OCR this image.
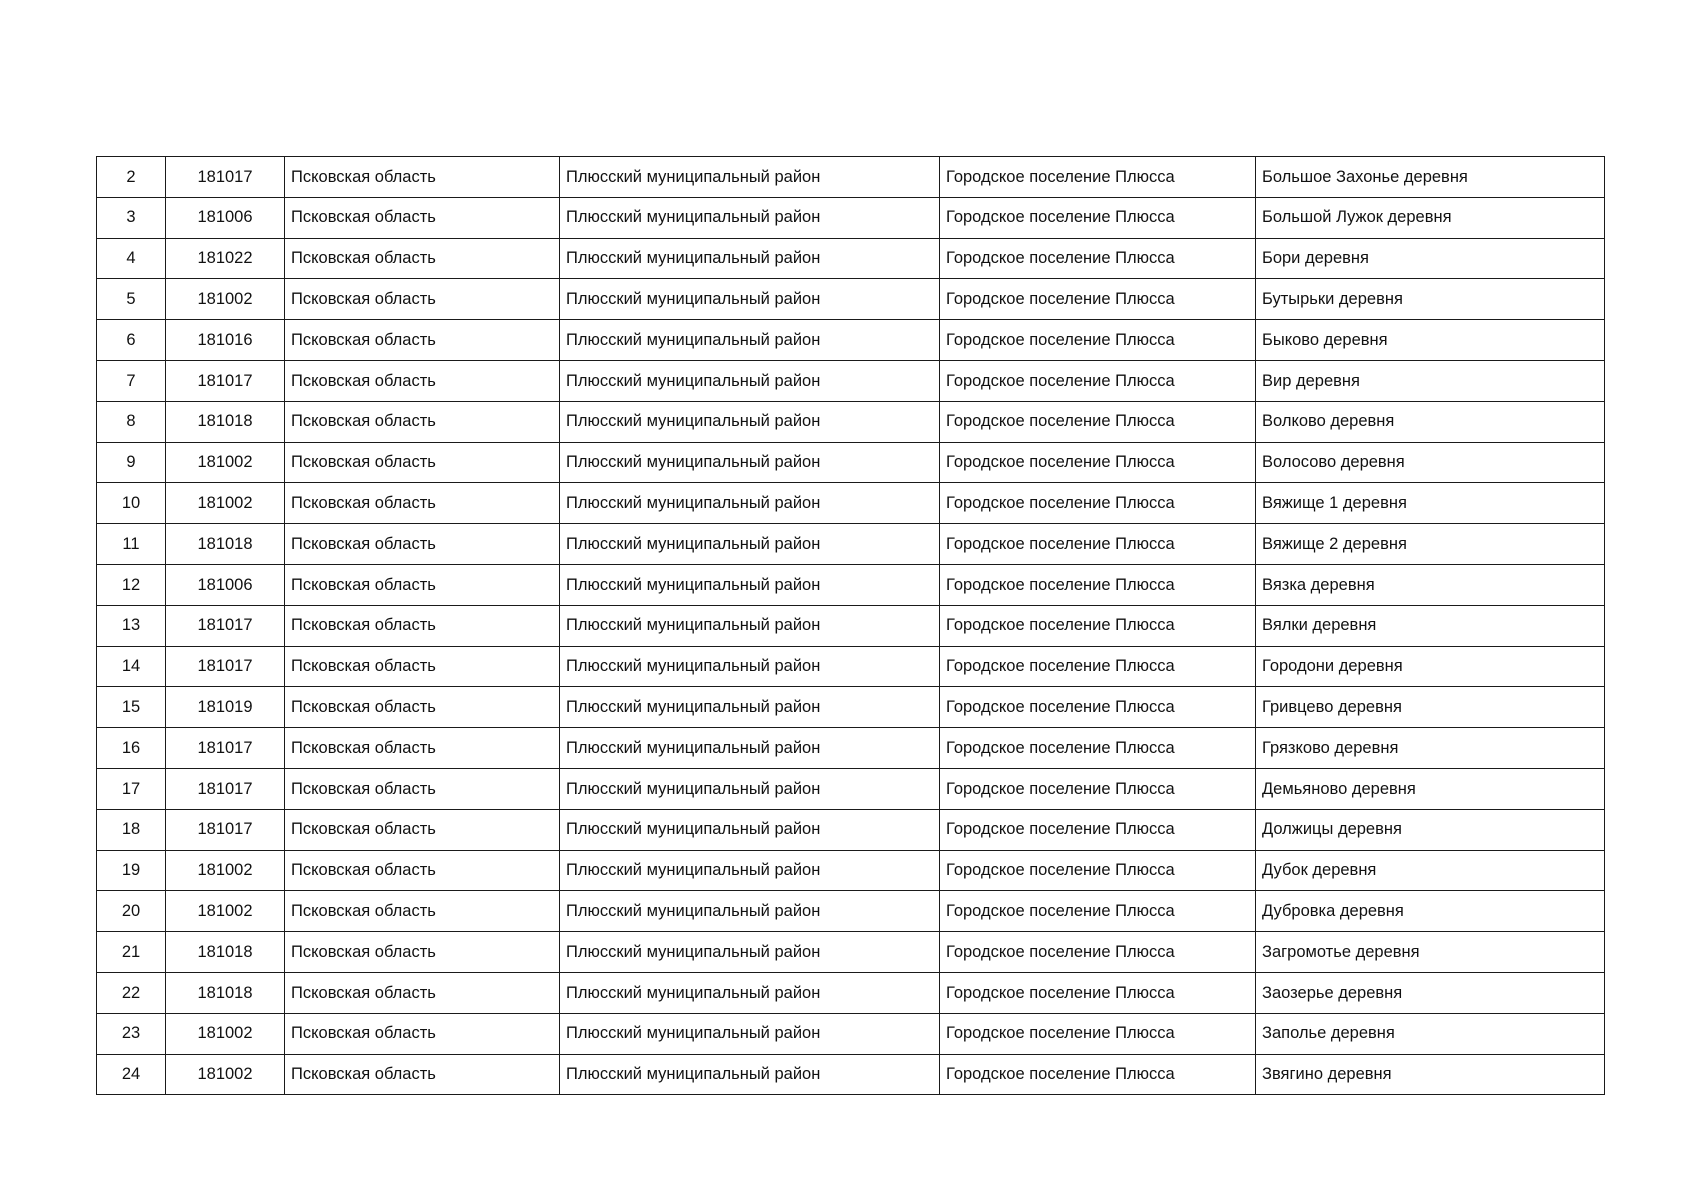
2	181017	Псковская область	Плюсский муниципальный район	Городское поселение Плюсса	Большое Захонье деревня
3	181006	Псковская область	Плюсский муниципальный район	Городское поселение Плюсса	Большой Лужок деревня
4	181022	Псковская область	Плюсский муниципальный район	Городское поселение Плюсса	Бори деревня
5	181002	Псковская область	Плюсский муниципальный район	Городское поселение Плюсса	Бутырьки деревня
6	181016	Псковская область	Плюсский муниципальный район	Городское поселение Плюсса	Быково деревня
7	181017	Псковская область	Плюсский муниципальный район	Городское поселение Плюсса	Вир деревня
8	181018	Псковская область	Плюсский муниципальный район	Городское поселение Плюсса	Волково деревня
9	181002	Псковская область	Плюсский муниципальный район	Городское поселение Плюсса	Волосово деревня
10	181002	Псковская область	Плюсский муниципальный район	Городское поселение Плюсса	Вяжище 1 деревня
11	181018	Псковская область	Плюсский муниципальный район	Городское поселение Плюсса	Вяжище 2 деревня
12	181006	Псковская область	Плюсский муниципальный район	Городское поселение Плюсса	Вязка деревня
13	181017	Псковская область	Плюсский муниципальный район	Городское поселение Плюсса	Вялки деревня
14	181017	Псковская область	Плюсский муниципальный район	Городское поселение Плюсса	Городони деревня
15	181019	Псковская область	Плюсский муниципальный район	Городское поселение Плюсса	Гривцево деревня
16	181017	Псковская область	Плюсский муниципальный район	Городское поселение Плюсса	Грязково деревня
17	181017	Псковская область	Плюсский муниципальный район	Городское поселение Плюсса	Демьяново деревня
18	181017	Псковская область	Плюсский муниципальный район	Городское поселение Плюсса	Должицы деревня
19	181002	Псковская область	Плюсский муниципальный район	Городское поселение Плюсса	Дубок деревня
20	181002	Псковская область	Плюсский муниципальный район	Городское поселение Плюсса	Дубровка деревня
21	181018	Псковская область	Плюсский муниципальный район	Городское поселение Плюсса	Загромотье деревня
22	181018	Псковская область	Плюсский муниципальный район	Городское поселение Плюсса	Заозерье деревня
23	181002	Псковская область	Плюсский муниципальный район	Городское поселение Плюсса	Заполье деревня
24	181002	Псковская область	Плюсский муниципальный район	Городское поселение Плюсса	Звягино деревня
